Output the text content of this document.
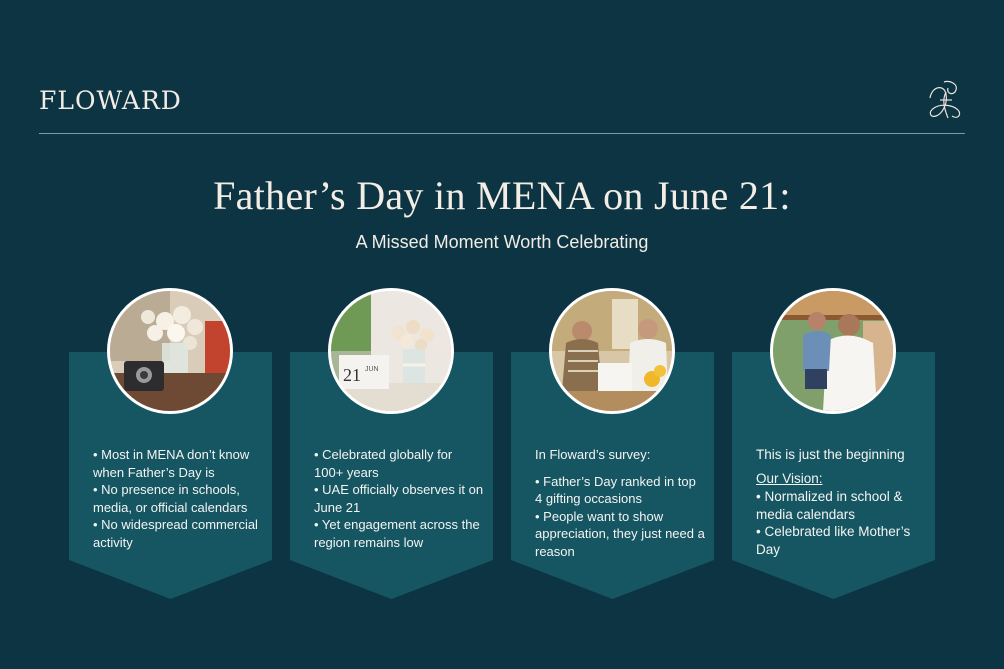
FLOWARD
Father’s Day in MENA on June 21:
A Missed Moment Worth Celebrating
• Most in MENA don’t know when Father’s Day is
• No presence in schools, media, or official calendars
• No widespread commercial activity
21 JUN
• Celebrated globally for 100+ years
• UAE officially observes it on June 21
• Yet engagement across the region remains low
In Floward’s survey:
• Father’s Day ranked in top 4 gifting occasions
• People want to show appreciation, they just need a reason
This is just the beginning
Our Vision:
• Normalized in school & media calendars
• Celebrated like Mother’s Day
